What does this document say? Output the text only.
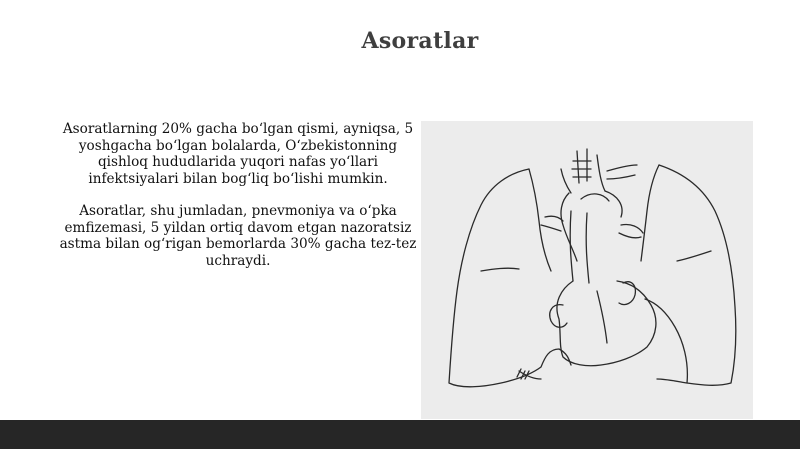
Asoratlar

Asoratlarning 20% gacha bo‘lgan qismi, ayniqsa, 5 yoshgacha bo‘lgan bolalarda, O‘zbekistonning qishloq hududlarida yuqori nafas yo‘llari infektsiyalari bilan bog‘liq bo‘lishi mumkin.

Asoratlar, shu jumladan, pnevmoniya va o‘pka emfizemasi, 5 yildan ortiq davom etgan nazoratsiz astma bilan og‘rigan bemorlarda 30% gacha tez-tez uchraydi.
